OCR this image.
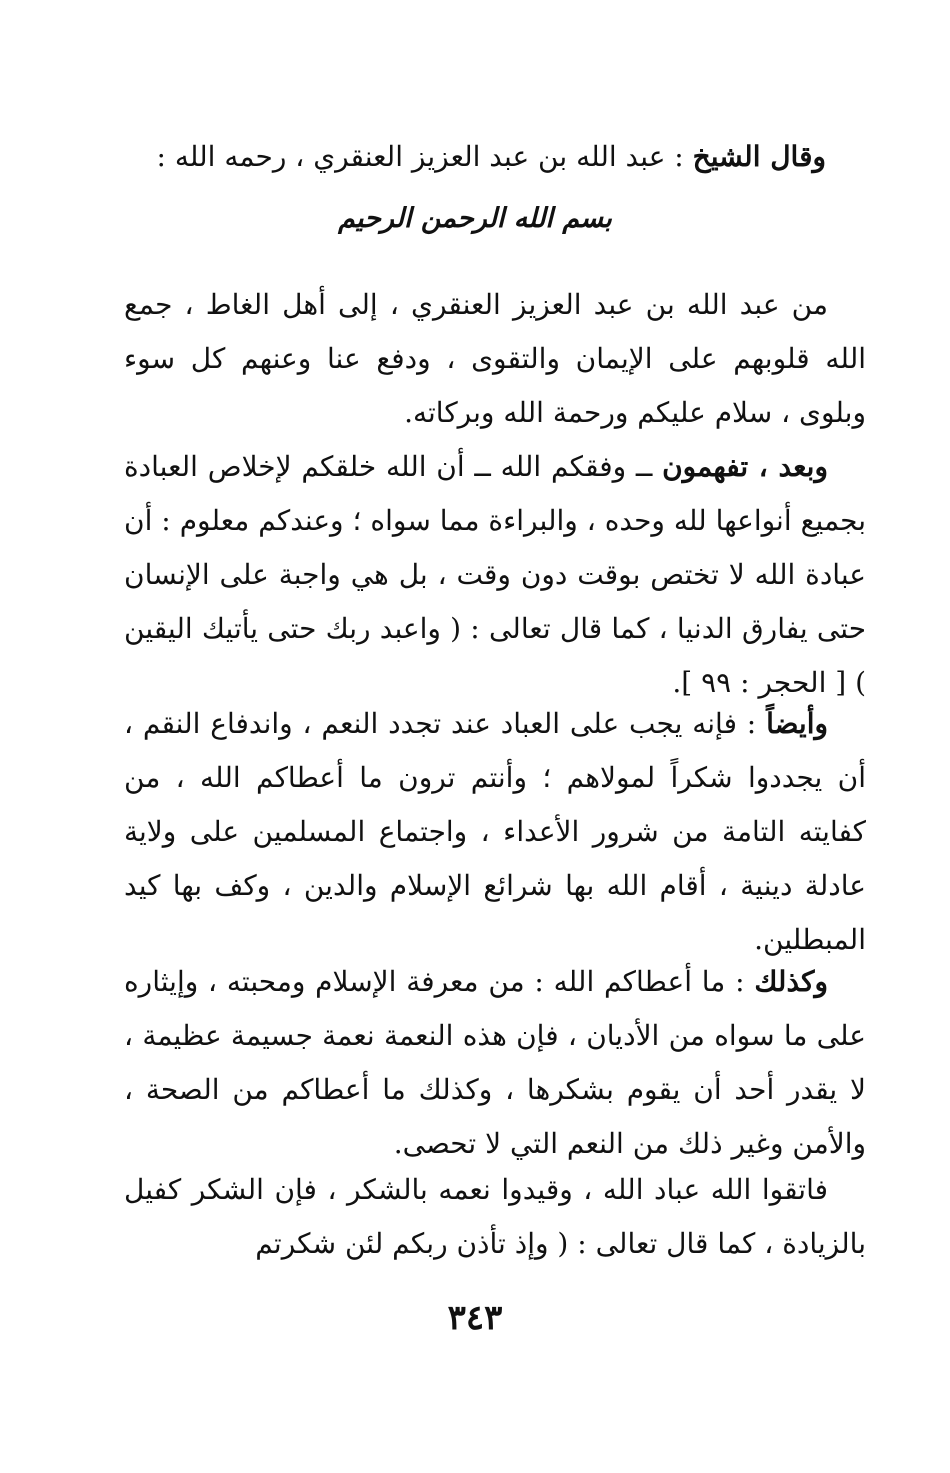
وقال الشيخ : عبد الله بن عبد العزيز العنقري ، رحمه الله :
بسم الله الرحمن الرحيم

من عبد الله بن عبد العزيز العنقري ، إلى أهل الغاط ، جمع الله قلوبهم على الإيمان والتقوى ، ودفع عنا وعنهم كل سوء وبلوى ، سلام عليكم ورحمة الله وبركاته.

وبعد ، تفهمون ــ وفقكم الله ــ أن الله خلقكم لإخلاص العبادة بجميع أنواعها لله وحده ، والبراءة مما سواه ؛ وعندكم معلوم : أن عبادة الله لا تختص بوقت دون وقت ، بل هي واجبة على الإنسان حتى يفارق الدنيا ، كما قال تعالى : ( واعبد ربك حتى يأتيك اليقين ) [ الحجر : ٩٩ ].

وأيضاً : فإنه يجب على العباد عند تجدد النعم ، واندفاع النقم ، أن يجددوا شكراً لمولاهم ؛ وأنتم ترون ما أعطاكم الله ، من كفايته التامة من شرور الأعداء ، واجتماع المسلمين على ولاية عادلة دينية ، أقام الله بها شرائع الإسلام والدين ، وكف بها كيد المبطلين.

وكذلك : ما أعطاكم الله : من معرفة الإسلام ومحبته ، وإيثاره على ما سواه من الأديان ، فإن هذه النعمة نعمة جسيمة عظيمة ، لا يقدر أحد أن يقوم بشكرها ، وكذلك ما أعطاكم من الصحة ، والأمن وغير ذلك من النعم التي لا تحصى.

فاتقوا الله عباد الله ، وقيدوا نعمه بالشكر ، فإن الشكر كفيل بالزيادة ، كما قال تعالى : ( وإذ تأذن ربكم لئن شكرتم

٣٤٣
